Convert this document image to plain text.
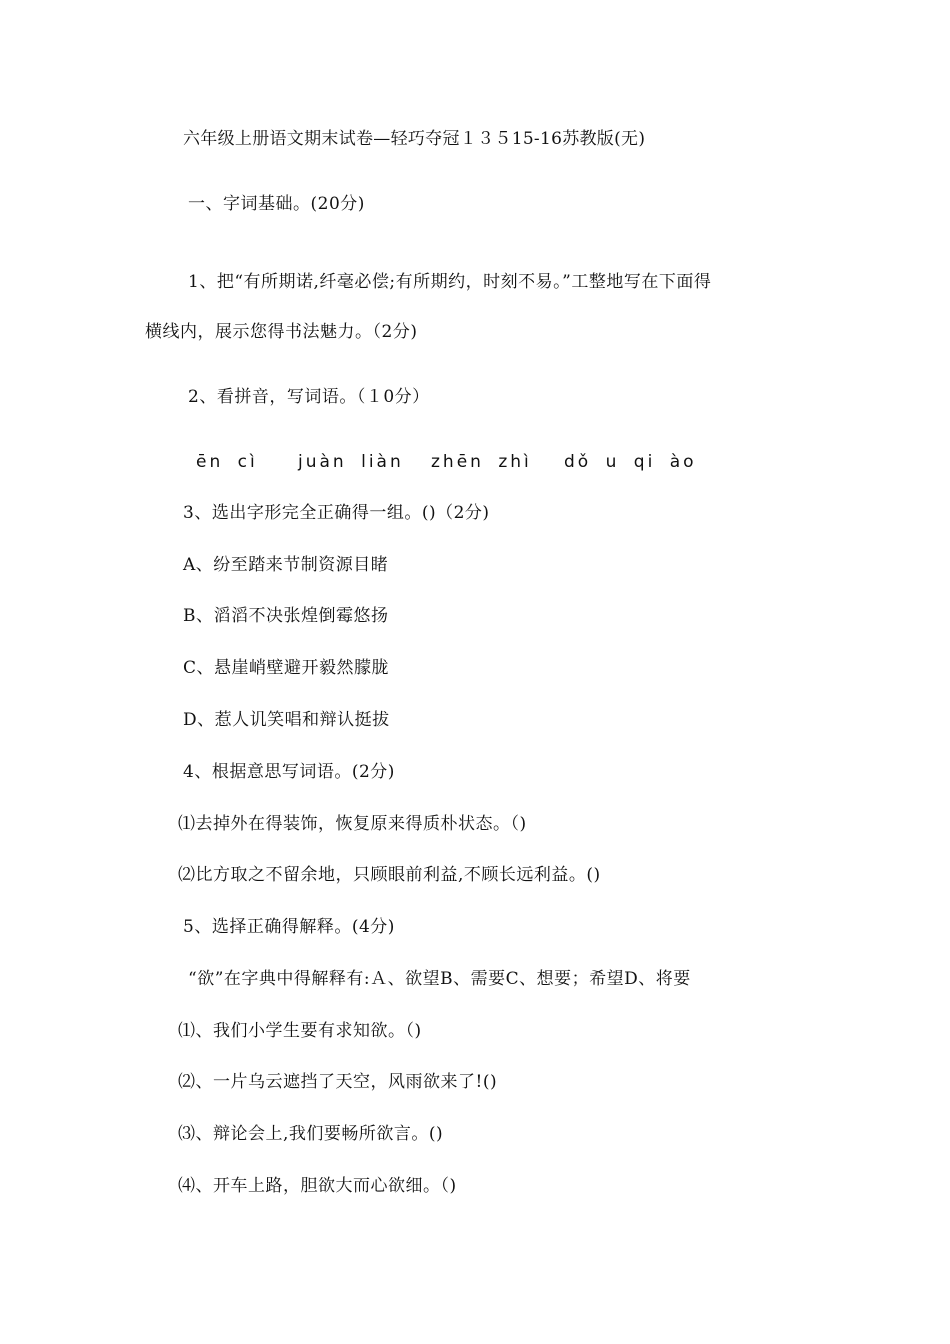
六年级上册语文期末试卷—轻巧夺冠１３５15-16苏教版(无)
一、字词基础。(20分)
1、把“有所期诺,纤毫必偿;有所期约，时刻不易。”工整地写在下面得
横线内，展示您得书法魅力。（2分)
2、看拼音，写词语。（１0分）
ēn cì juàn liàn zhēn zhì dǒ u qi ào
3、选出字形完全正确得一组。()（2分)
A、纷至踏来节制资源目睹
B、滔滔不决张煌倒霉悠扬
C、悬崖峭壁避开毅然朦胧
D、惹人讥笑唱和辩认挺拔
4、根据意思写词语。(2分)
⑴去掉外在得装饰，恢复原来得质朴状态。（)
⑵比方取之不留余地，只顾眼前利益,不顾长远利益。()
5、选择正确得解释。(4分)
“欲”在字典中得解释有:Ａ、欲望B、需要C、想要；希望D、将要
⑴、我们小学生要有求知欲。（)
⑵、一片乌云遮挡了天空，风雨欲来了!()
⑶、辩论会上,我们要畅所欲言。()
⑷、开车上路，胆欲大而心欲细。（)
